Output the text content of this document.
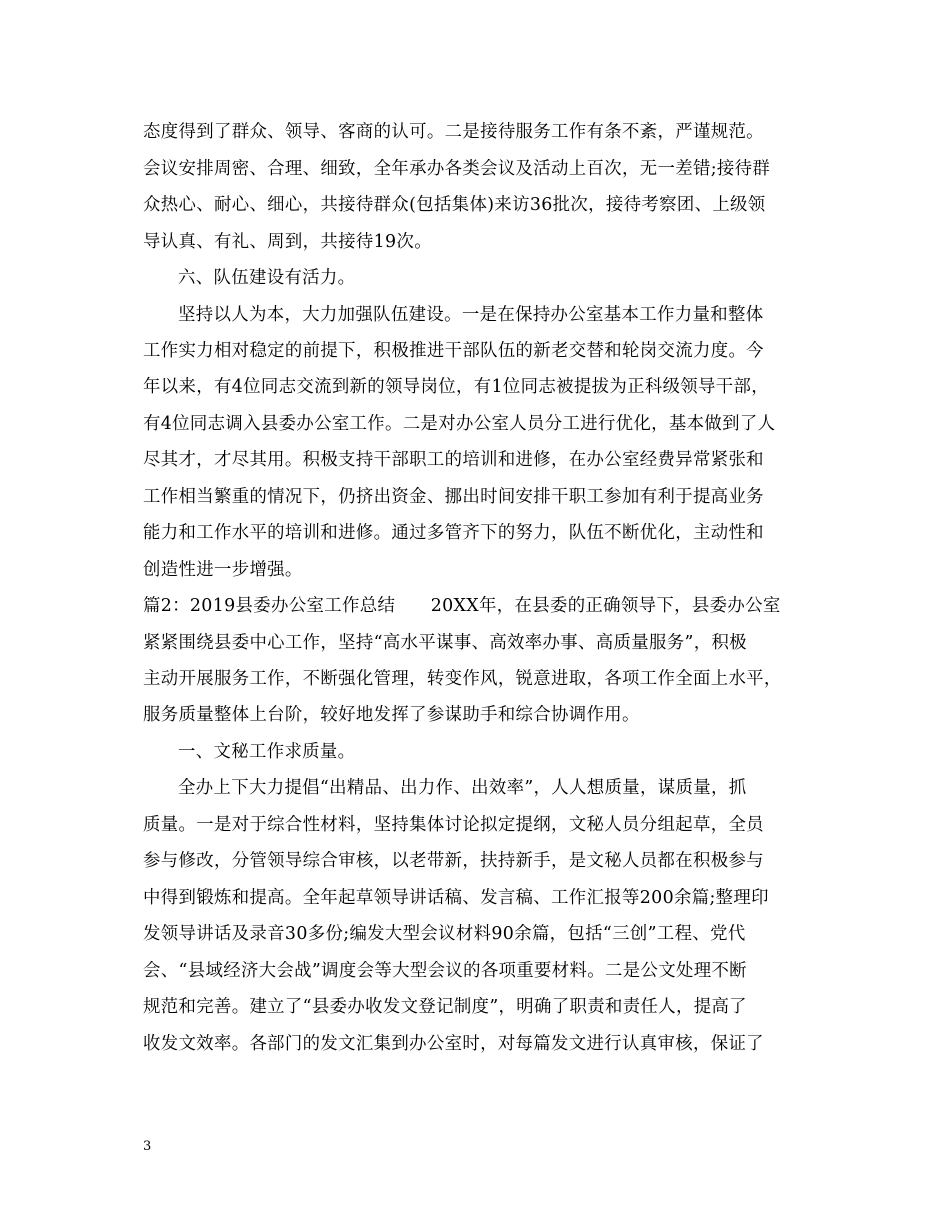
态度得到了群众、领导、客商的认可。二是接待服务工作有条不紊，严谨规范。
会议安排周密、合理、细致，全年承办各类会议及活动上百次，无一差错;接待群
众热心、耐心、细心，共接待群众(包括集体)来访36批次，接待考察团、上级领
导认真、有礼、周到，共接待19次。
六、队伍建设有活力。
坚持以人为本，大力加强队伍建设。一是在保持办公室基本工作力量和整体
工作实力相对稳定的前提下，积极推进干部队伍的新老交替和轮岗交流力度。今
年以来，有4位同志交流到新的领导岗位，有1位同志被提拔为正科级领导干部，
有4位同志调入县委办公室工作。二是对办公室人员分工进行优化，基本做到了人
尽其才，才尽其用。积极支持干部职工的培训和进修，在办公室经费异常紧张和
工作相当繁重的情况下，仍挤出资金、挪出时间安排干职工参加有利于提高业务
能力和工作水平的培训和进修。通过多管齐下的努力，队伍不断优化，主动性和
创造性进一步增强。
篇2：2019县委办公室工作总结　　20XX年，在县委的正确领导下，县委办公室
紧紧围绕县委中心工作，坚持“高水平谋事、高效率办事、高质量服务”，积极
主动开展服务工作，不断强化管理，转变作风，锐意进取，各项工作全面上水平，
服务质量整体上台阶，较好地发挥了参谋助手和综合协调作用。
一、文秘工作求质量。
全办上下大力提倡“出精品、出力作、出效率”，人人想质量，谋质量，抓
质量。一是对于综合性材料，坚持集体讨论拟定提纲，文秘人员分组起草，全员
参与修改，分管领导综合审核，以老带新，扶持新手，是文秘人员都在积极参与
中得到锻炼和提高。全年起草领导讲话稿、发言稿、工作汇报等200余篇;整理印
发领导讲话及录音30多份;编发大型会议材料90余篇，包括“三创”工程、党代
会、“县域经济大会战”调度会等大型会议的各项重要材料。二是公文处理不断
规范和完善。建立了“县委办收发文登记制度”，明确了职责和责任人，提高了
收发文效率。各部门的发文汇集到办公室时，对每篇发文进行认真审核，保证了
3
